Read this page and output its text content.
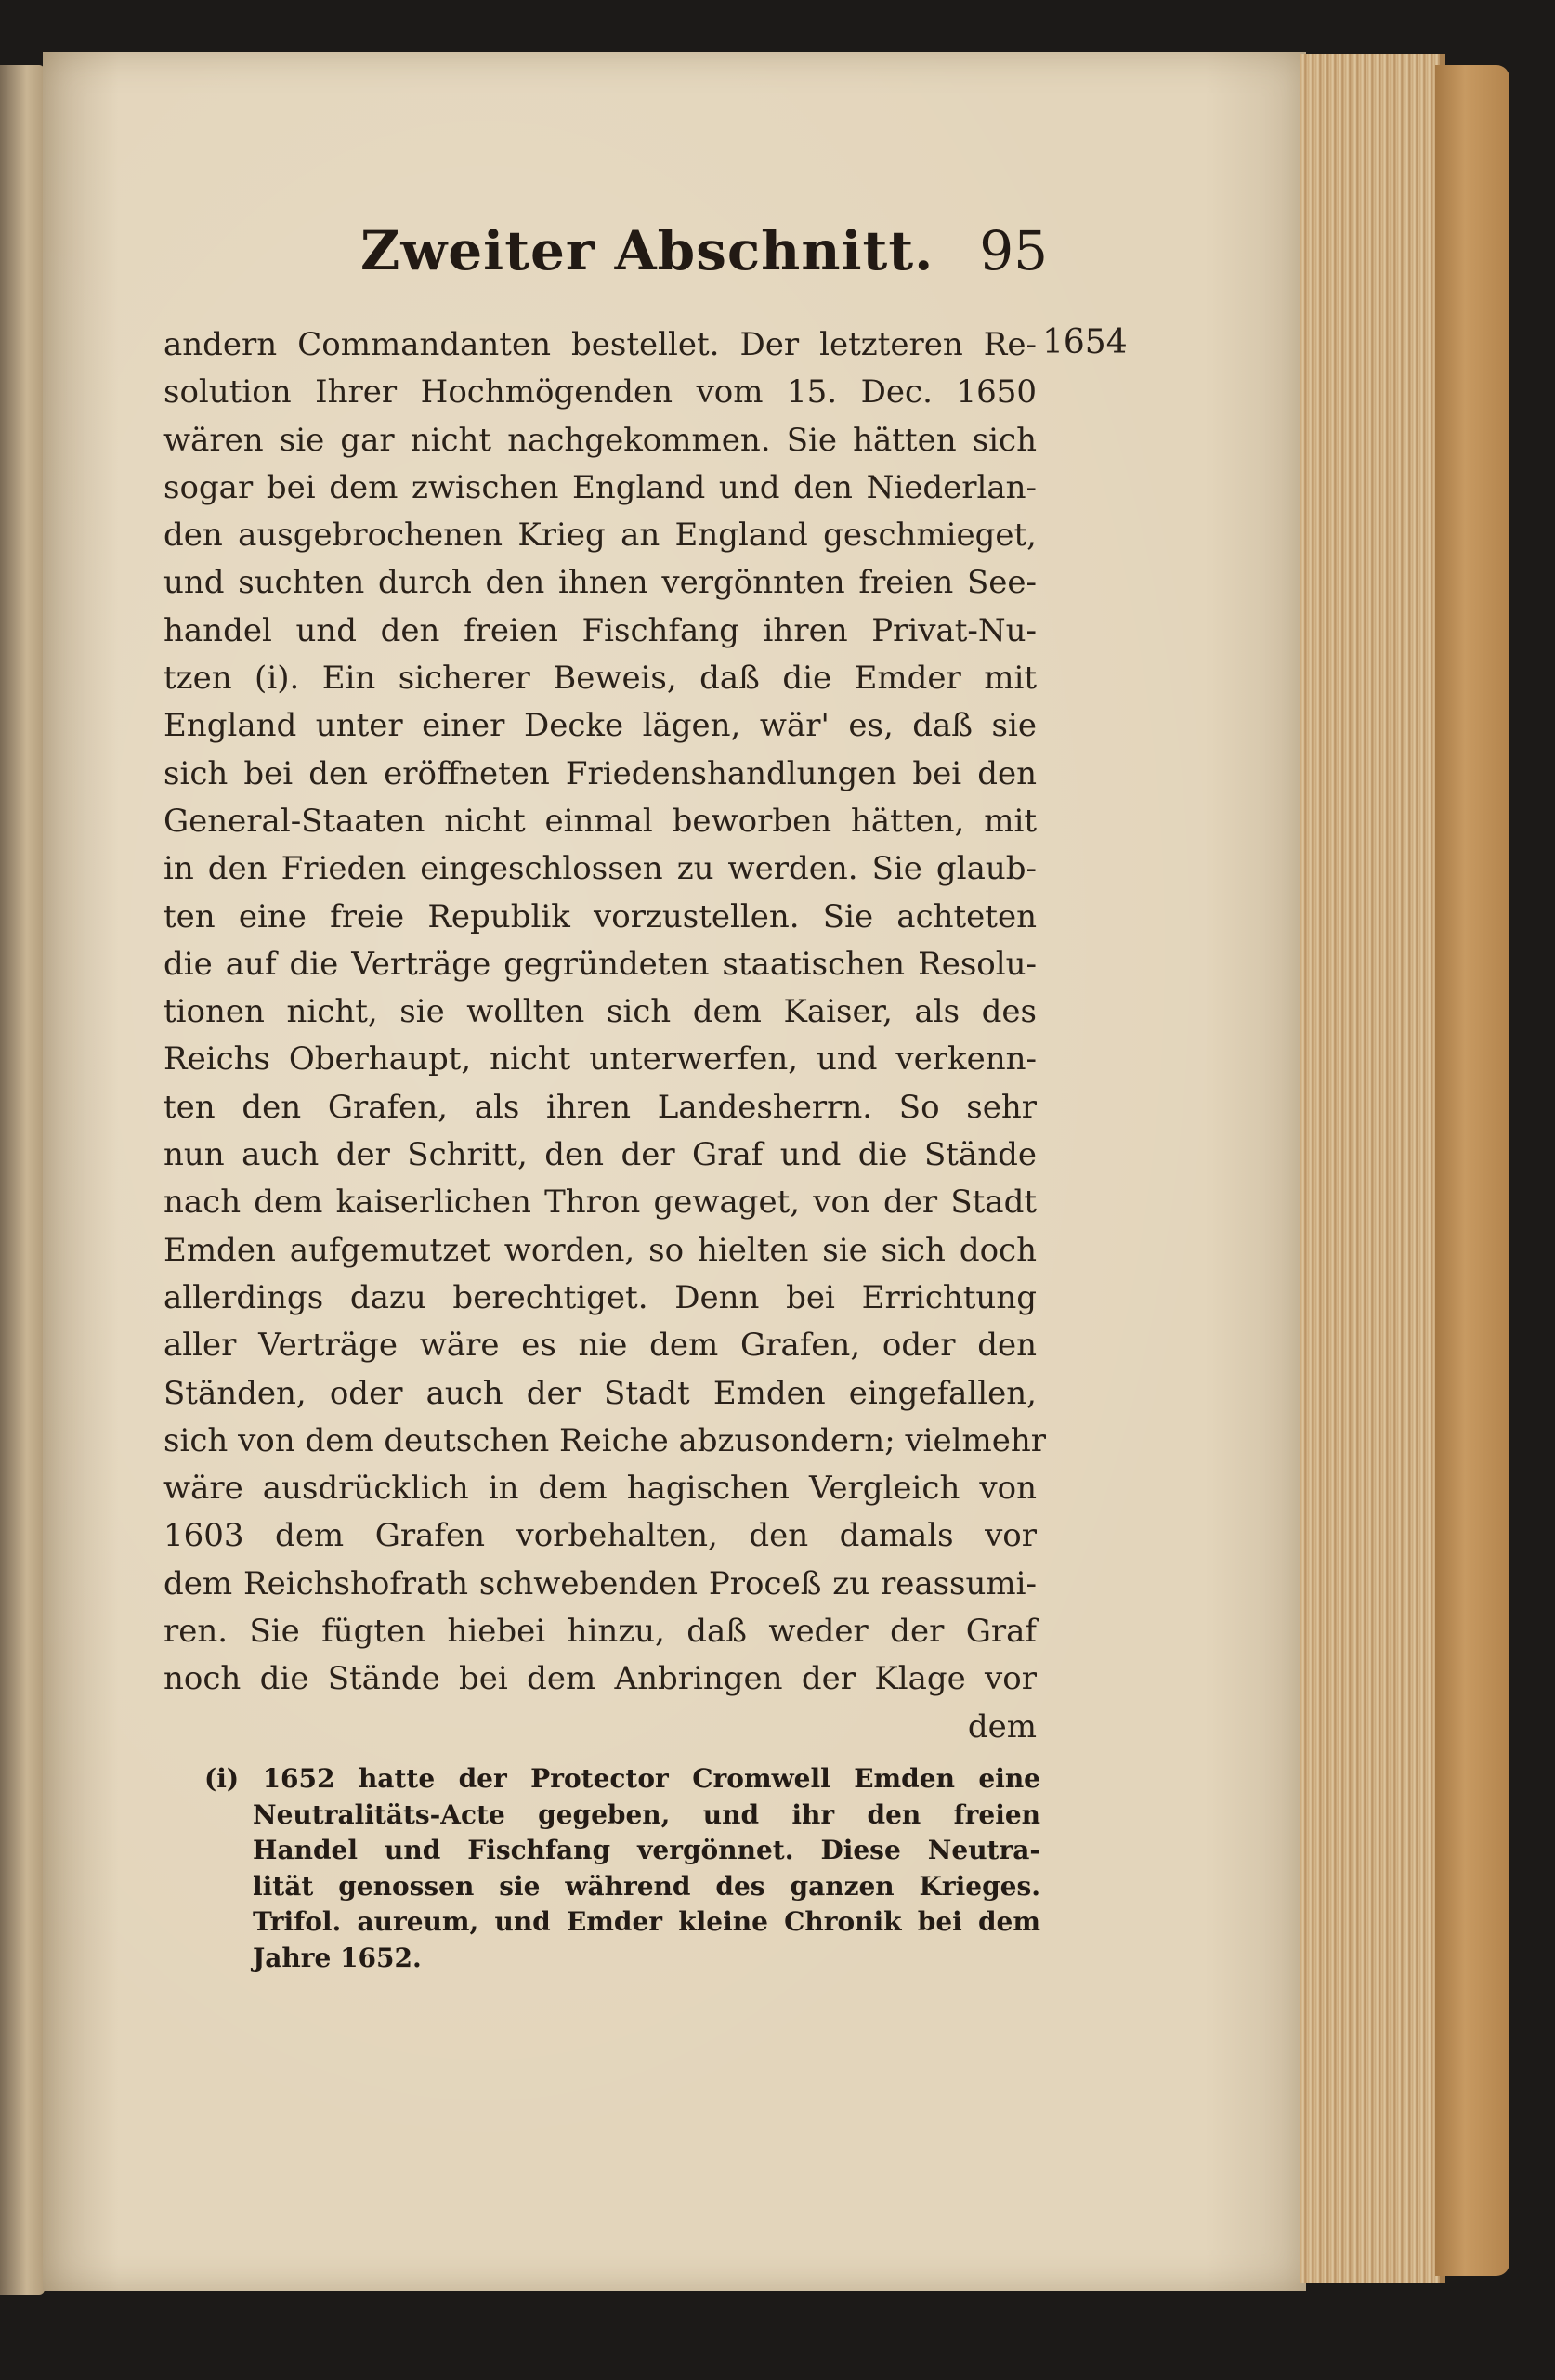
Zweiter Abschnitt. 95
1654
andern Commandanten bestellet. Der letzteren Re-
solution Ihrer Hochmögenden vom 15. Dec. 1650
wären sie gar nicht nachgekommen. Sie hätten sich
sogar bei dem zwischen England und den Niederlan-
den ausgebrochenen Krieg an England geschmieget,
und suchten durch den ihnen vergönnten freien See-
handel und den freien Fischfang ihren Privat-Nu-
tzen (i). Ein sicherer Beweis, daß die Emder mit
England unter einer Decke lägen, wär' es, daß sie
sich bei den eröffneten Friedenshandlungen bei den
General-Staaten nicht einmal beworben hätten, mit
in den Frieden eingeschlossen zu werden. Sie glaub-
ten eine freie Republik vorzustellen. Sie achteten
die auf die Verträge gegründeten staatischen Resolu-
tionen nicht, sie wollten sich dem Kaiser, als des
Reichs Oberhaupt, nicht unterwerfen, und verkenn-
ten den Grafen, als ihren Landesherrn. So sehr
nun auch der Schritt, den der Graf und die Stände
nach dem kaiserlichen Thron gewaget, von der Stadt
Emden aufgemutzet worden, so hielten sie sich doch
allerdings dazu berechtiget. Denn bei Errichtung
aller Verträge wäre es nie dem Grafen, oder den
Ständen, oder auch der Stadt Emden eingefallen,
sich von dem deutschen Reiche abzusondern; vielmehr
wäre ausdrücklich in dem hagischen Vergleich von
1603 dem Grafen vorbehalten, den damals vor
dem Reichshofrath schwebenden Proceß zu reassumi-
ren. Sie fügten hiebei hinzu, daß weder der Graf
noch die Stände bei dem Anbringen der Klage vor
dem
(i) 1652 hatte der Protector Cromwell Emden eine
Neutralitäts-Acte gegeben, und ihr den freien
Handel und Fischfang vergönnet. Diese Neutra-
lität genossen sie während des ganzen Krieges.
Trifol. aureum, und Emder kleine Chronik bei dem
Jahre 1652.
